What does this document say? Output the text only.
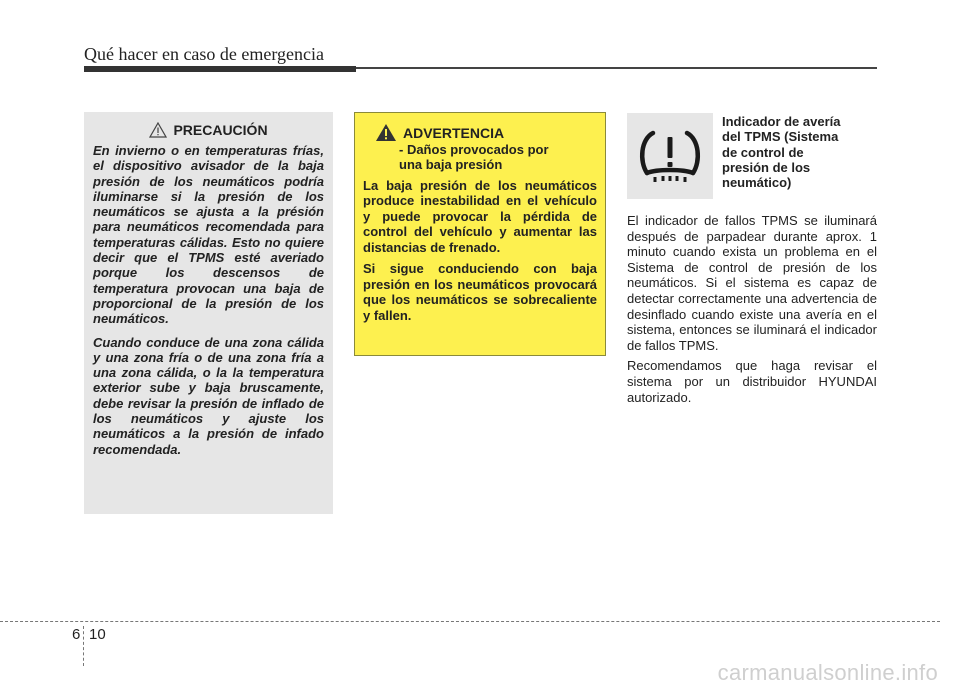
Qué hacer en caso de emergencia
PRECAUCIÓN

En invierno o en temperaturas frías, el dispositivo avisador de la baja presión de los neumáticos podría iluminarse si la presión de los neumáticos se ajusta a la présión para neumáticos recomendada para temperaturas cálidas. Esto no quiere decir que el TPMS esté averiado porque los descensos de temperatura provocan una baja de proporcional de la presión de los neumáticos.

Cuando conduce de una zona cálida y una zona fría o de una zona fría a una zona cálida, o la la temperatura exterior sube y baja bruscamente, debe revisar la presión de inflado de los neumáticos y ajuste los neumáticos a la presión de infado recomendada.

ADVERTENCIA
- Daños provocados por
una baja presión

La baja presión de los neumáticos produce inestabilidad en el vehículo y puede provocar la pérdida de control del vehículo y aumentar las distancias de frenado.

Si sigue conduciendo con baja presión en los neumáticos provocará que los neumáticos se sobrecaliente y fallen.

Indicador de avería
del TPMS (Sistema
de control de
presión de los
neumático)

El indicador de fallos TPMS se iluminará después de parpadear durante aprox. 1 minuto cuando exista un problema en el Sistema de control de presión de los neumáticos. Si el sistema es capaz de detectar correctamente una advertencia de desinflado cuando existe una avería en el sistema, entonces se iluminará el indicador de fallos TPMS.

Recomendamos que haga revisar el sistema por un distribuidor HYUNDAI autorizado.

6 10
carmanualsonline.info
